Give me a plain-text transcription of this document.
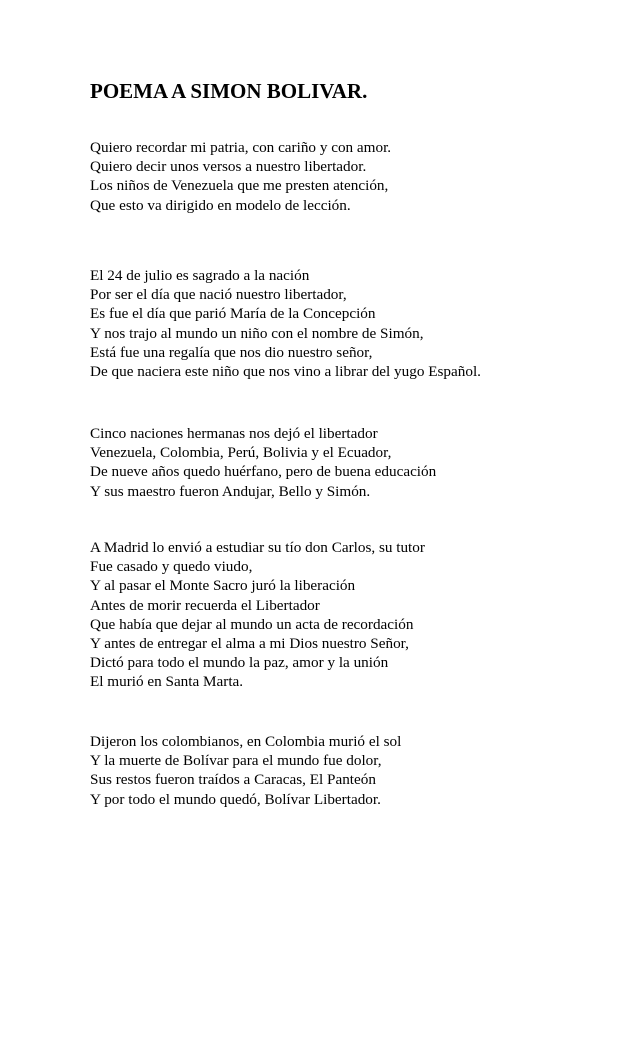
POEMA A SIMON BOLIVAR.
Quiero recordar mi patria, con cariño y con amor.
Quiero decir unos versos a nuestro libertador.
Los niños de Venezuela que me presten atención,
Que esto va dirigido en modelo de lección.
El 24 de julio es sagrado a la nación
Por ser el día que nació nuestro libertador,
Es fue el día que parió María de la Concepción
Y nos trajo al mundo un niño con el nombre de Simón,
Está fue una regalía que nos dio nuestro señor,
De que naciera este niño que nos vino a librar del yugo Español.
Cinco naciones hermanas nos dejó el libertador
Venezuela, Colombia, Perú, Bolivia y el Ecuador,
De nueve años quedo huérfano, pero de buena educación
Y sus maestro fueron Andujar, Bello y Simón.
A Madrid lo envió a estudiar su tío don Carlos, su tutor
Fue casado y quedo viudo,
Y al pasar el Monte Sacro juró la liberación
Antes de morir recuerda el Libertador
Que había que dejar al mundo un acta de recordación
Y antes de entregar el alma a mi Dios nuestro Señor,
Dictó para todo el mundo la paz, amor y la unión
El murió en Santa Marta.
Dijeron los colombianos, en Colombia murió el sol
Y la muerte de Bolívar para el mundo fue dolor,
Sus restos fueron traídos a Caracas, El Panteón
Y por todo el mundo quedó, Bolívar Libertador.
